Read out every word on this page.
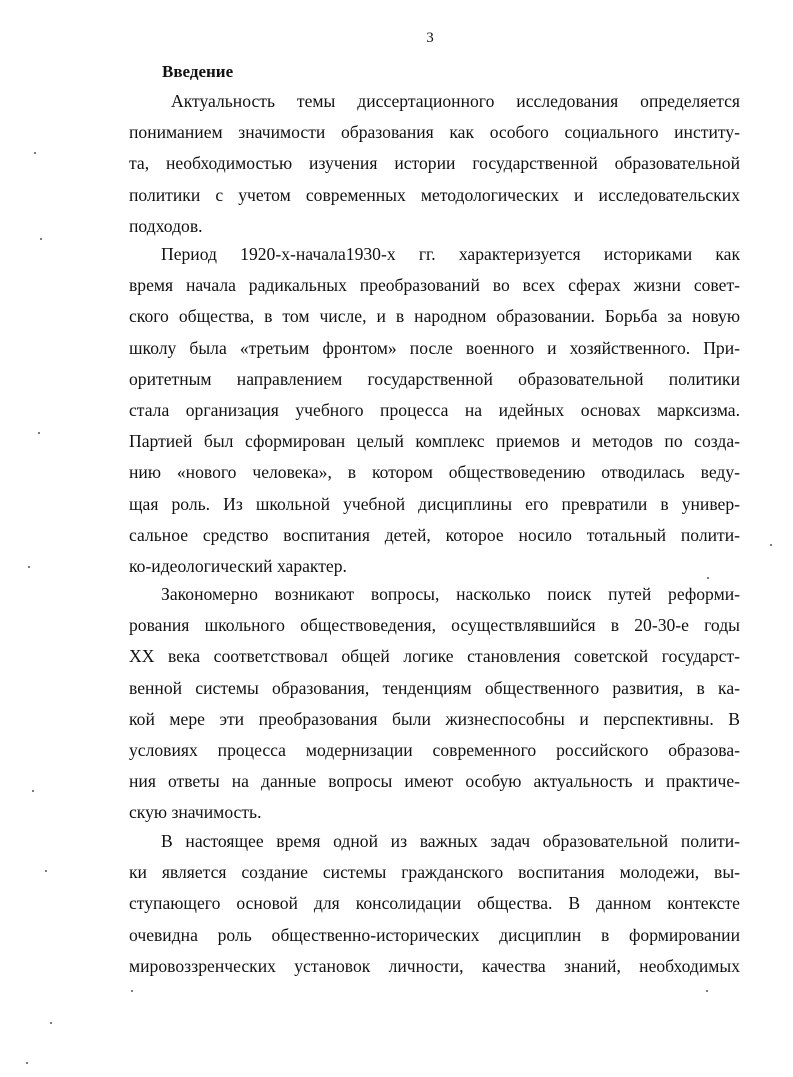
3
Введение
Актуальность темы диссертационного исследования определяется
пониманием значимости образования как особого социального институ-
та, необходимостью изучения истории государственной образовательной
политики с учетом современных методологических и исследовательских
подходов.
Период 1920-х-начала1930-х гг. характеризуется историками как
время начала радикальных преобразований во всех сферах жизни совет-
ского общества, в том числе, и в народном образовании. Борьба за новую
школу была «третьим фронтом» после военного и хозяйственного. При-
оритетным направлением государственной образовательной политики
стала организация учебного процесса на идейных основах марксизма.
Партией был сформирован целый комплекс приемов и методов по созда-
нию «нового человека», в котором обществоведению отводилась веду-
щая роль. Из школьной учебной дисциплины его превратили в универ-
сальное средство воспитания детей, которое носило тотальный полити-
ко-идеологический характер.
Закономерно возникают вопросы, насколько поиск путей реформи-
рования школьного обществоведения, осуществлявшийся в 20-30-е годы
XX века соответствовал общей логике становления советской государст-
венной системы образования, тенденциям общественного развития, в ка-
кой мере эти преобразования были жизнеспособны и перспективны. В
условиях процесса модернизации современного российского образова-
ния ответы на данные вопросы имеют особую актуальность и практиче-
скую значимость.
В настоящее время одной из важных задач образовательной полити-
ки является создание системы гражданского воспитания молодежи, вы-
ступающего основой для консолидации общества. В данном контексте
очевидна роль общественно-исторических дисциплин в формировании
мировоззренческих установок личности, качества знаний, необходимых
